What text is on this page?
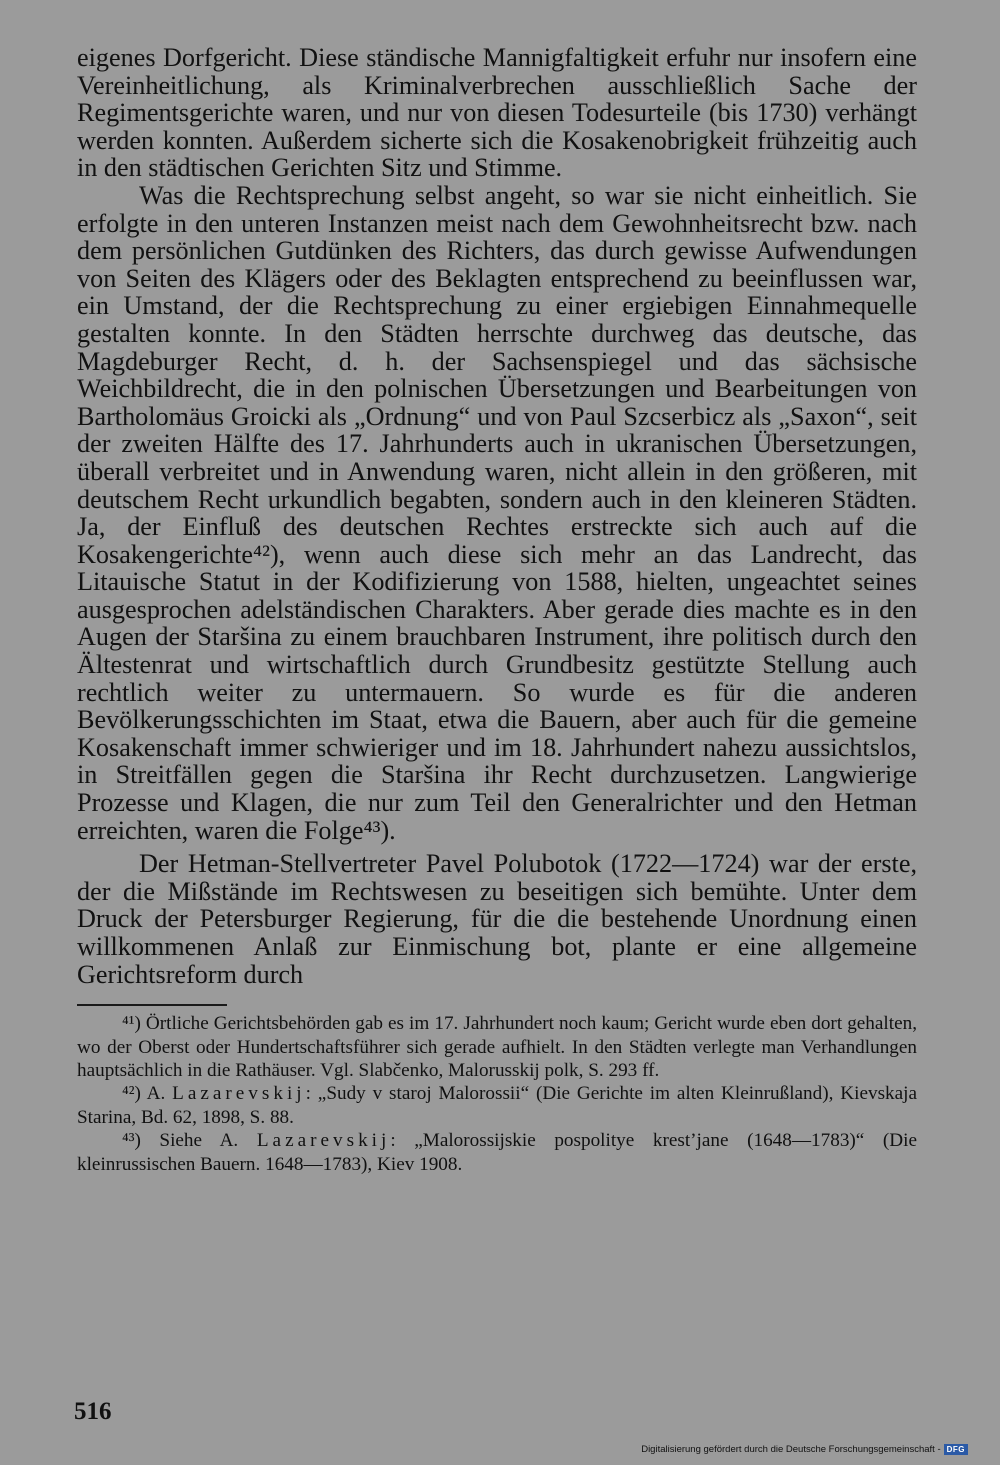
eigenes Dorfgericht. Diese ständische Mannigfaltigkeit erfuhr nur insofern eine Vereinheitlichung, als Kriminalverbrechen ausschließlich Sache der Regimentsgerichte waren, und nur von diesen Todesurteile (bis 1730) verhängt werden konnten. Außerdem sicherte sich die Kosakenobrigkeit frühzeitig auch in den städtischen Gerichten Sitz und Stimme.

Was die Rechtsprechung selbst angeht, so war sie nicht einheitlich. Sie erfolgte in den unteren Instanzen meist nach dem Gewohnheitsrecht bzw. nach dem persönlichen Gutdünken des Richters, das durch gewisse Aufwendungen von Seiten des Klägers oder des Beklagten entsprechend zu beeinflussen war, ein Umstand, der die Rechtsprechung zu einer ergiebigen Einnahmequelle gestalten konnte. In den Städten herrschte durchweg das deutsche, das Magdeburger Recht, d. h. der Sachsenspiegel und das sächsische Weichbildrecht, die in den polnischen Übersetzungen und Bearbeitungen von Bartholomäus Groicki als „Ordnung“ und von Paul Szcserbicz als „Saxon“, seit der zweiten Hälfte des 17. Jahrhunderts auch in ukranischen Übersetzungen, überall verbreitet und in Anwendung waren, nicht allein in den größeren, mit deutschem Recht urkundlich begabten, sondern auch in den kleineren Städten. Ja, der Einfluß des deutschen Rechtes erstreckte sich auch auf die Kosakengerichte⁴²), wenn auch diese sich mehr an das Landrecht, das Litauische Statut in der Kodifizierung von 1588, hielten, ungeachtet seines ausgesprochen adelständischen Charakters. Aber gerade dies machte es in den Augen der Staršina zu einem brauchbaren Instrument, ihre politisch durch den Ältestenrat und wirtschaftlich durch Grundbesitz gestützte Stellung auch rechtlich weiter zu untermauern. So wurde es für die anderen Bevölkerungsschichten im Staat, etwa die Bauern, aber auch für die gemeine Kosakenschaft immer schwieriger und im 18. Jahrhundert nahezu aussichtslos, in Streitfällen gegen die Staršina ihr Recht durchzusetzen. Langwierige Prozesse und Klagen, die nur zum Teil den Generalrichter und den Hetman erreichten, waren die Folge⁴³).

Der Hetman-Stellvertreter Pavel Polubotok (1722—1724) war der erste, der die Mißstände im Rechtswesen zu beseitigen sich bemühte. Unter dem Druck der Petersburger Regierung, für die die bestehende Unordnung einen willkommenen Anlaß zur Einmischung bot, plante er eine allgemeine Gerichtsreform durch

⁴¹) Örtliche Gerichtsbehörden gab es im 17. Jahrhundert noch kaum; Gericht wurde eben dort gehalten, wo der Oberst oder Hundertschaftsführer sich gerade aufhielt. In den Städten verlegte man Verhandlungen hauptsächlich in die Rathäuser. Vgl. Slabčenko, Malorusskij polk, S. 293 ff.

⁴²) A. Lazarevskij: „Sudy v staroj Malorossii“ (Die Gerichte im alten Kleinrußland), Kievskaja Starina, Bd. 62, 1898, S. 88.

⁴³) Siehe A. Lazarevskij: „Malorossijskie pospolitye krest’jane (1648—1783)“ (Die kleinrussischen Bauern. 1648—1783), Kiev 1908.

516
Digitalisierung gefördert durch die Deutsche Forschungsgemeinschaft - DFG
